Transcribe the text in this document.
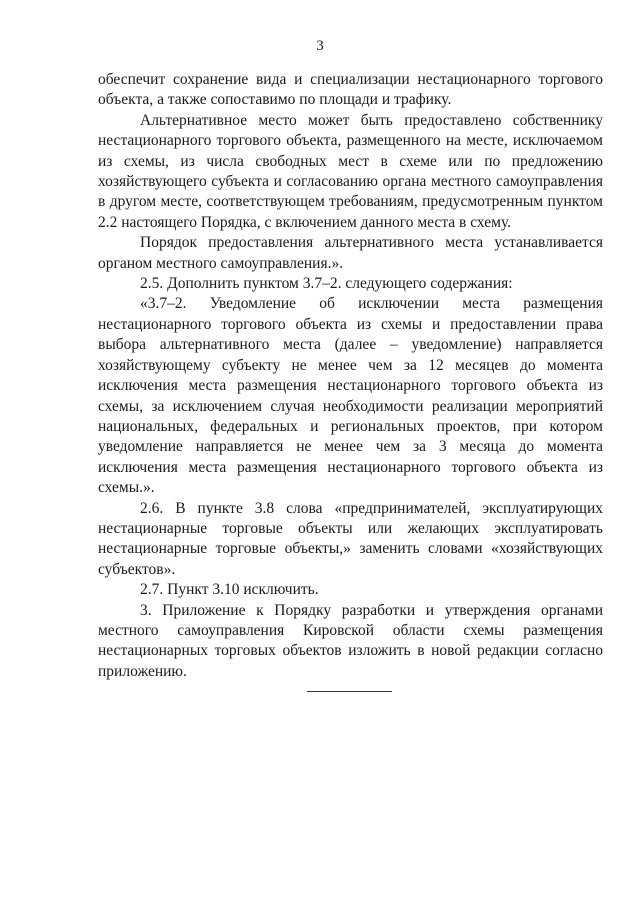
3

обеспечит сохранение вида и специализации нестационарного торгового объекта, а также сопоставимо по площади и трафику.

Альтернативное место может быть предоставлено собственнику нестационарного торгового объекта, размещенного на месте, исключаемом из схемы, из числа свободных мест в схеме или по предложению хозяйствующего субъекта и согласованию органа местного самоуправления в другом месте, соответствующем требованиям, предусмотренным пунктом 2.2 настоящего Порядка, с включением данного места в схему.

Порядок предоставления альтернативного места устанавливается органом местного самоуправления.».

2.5. Дополнить пунктом 3.7–2. следующего содержания:

«3.7–2. Уведомление об исключении места размещения нестационарного торгового объекта из схемы и предоставлении права выбора альтернативного места (далее – уведомление) направляется хозяйствующему субъекту не менее чем за 12 месяцев до момента исключения места размещения нестационарного торгового объекта из схемы, за исключением случая необходимости реализации мероприятий национальных, федеральных и региональных проектов, при котором уведомление направляется не менее чем за 3 месяца до момента исключения места размещения нестационарного торгового объекта из схемы.».

2.6. В пункте 3.8 слова «предпринимателей, эксплуатирующих нестационарные торговые объекты или желающих эксплуатировать нестационарные торговые объекты,» заменить словами «хозяйствующих субъектов».

2.7. Пункт 3.10 исключить.

3. Приложение к Порядку разработки и утверждения органами местного самоуправления Кировской области схемы размещения нестационарных торговых объектов изложить в новой редакции согласно приложению.
